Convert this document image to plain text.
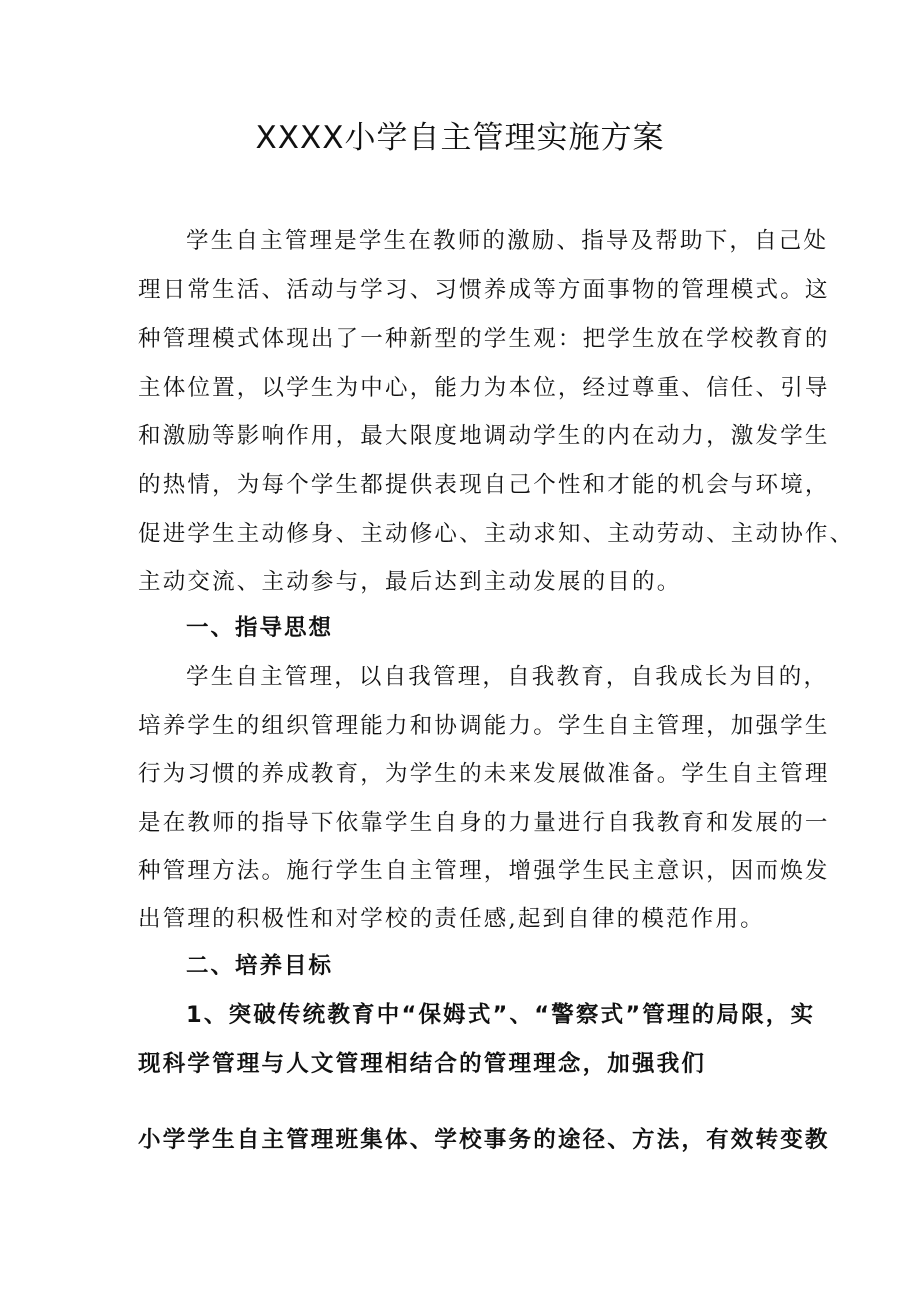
XXXX小学自主管理实施方案
学生自主管理是学生在教师的激励、指导及帮助下，自己处
理日常生活、活动与学习、习惯养成等方面事物的管理模式。这
种管理模式体现出了一种新型的学生观：把学生放在学校教育的
主体位置，以学生为中心，能力为本位，经过尊重、信任、引导
和激励等影响作用，最大限度地调动学生的内在动力，激发学生
的热情，为每个学生都提供表现自己个性和才能的机会与环境，
促进学生主动修身、主动修心、主动求知、主动劳动、主动协作、
主动交流、主动参与，最后达到主动发展的目的。
一、指导思想
学生自主管理，以自我管理，自我教育，自我成长为目的，
培养学生的组织管理能力和协调能力。学生自主管理，加强学生
行为习惯的养成教育，为学生的未来发展做准备。学生自主管理
是在教师的指导下依靠学生自身的力量进行自我教育和发展的一
种管理方法。施行学生自主管理，增强学生民主意识，因而焕发
出管理的积极性和对学校的责任感,起到自律的模范作用。
二、培养目标
1、突破传统教育中“保姆式”、“警察式”管理的局限，实
现科学管理与人文管理相结合的管理理念，加强我们
小学学生自主管理班集体、学校事务的途径、方法，有效转变教
